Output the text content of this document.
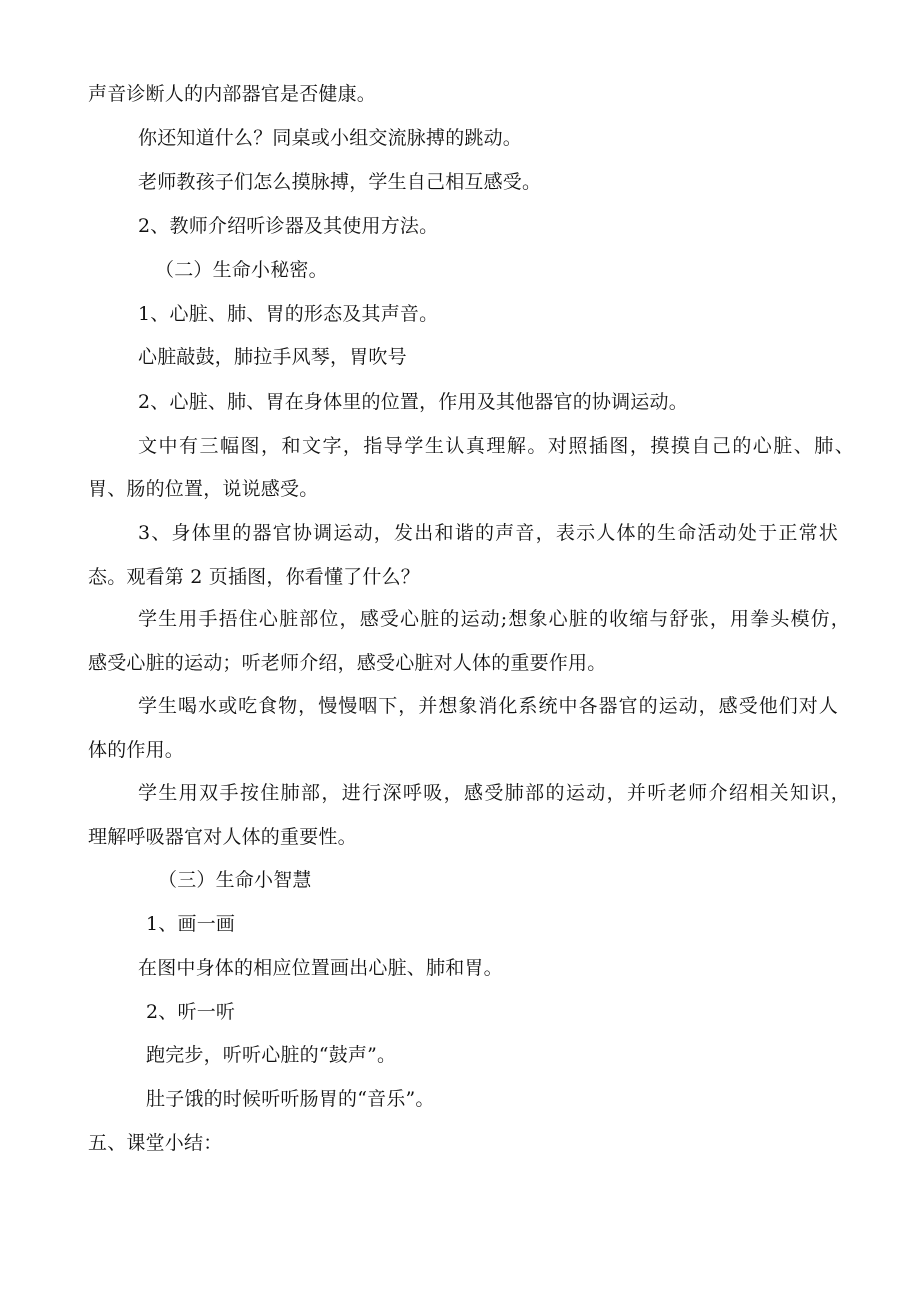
声音诊断人的内部器官是否健康。
你还知道什么？同桌或小组交流脉搏的跳动。
老师教孩子们怎么摸脉搏，学生自己相互感受。
2、教师介绍听诊器及其使用方法。
（二）生命小秘密。
1、心脏、肺、胃的形态及其声音。
心脏敲鼓，肺拉手风琴，胃吹号
2、心脏、肺、胃在身体里的位置，作用及其他器官的协调运动。
文中有三幅图，和文字，指导学生认真理解。对照插图，摸摸自己的心脏、肺、
胃、肠的位置，说说感受。
3、身体里的器官协调运动，发出和谐的声音，表示人体的生命活动处于正常状
态。观看第 2 页插图，你看懂了什么？
学生用手捂住心脏部位，感受心脏的运动;想象心脏的收缩与舒张，用拳头模仿，
感受心脏的运动；听老师介绍，感受心脏对人体的重要作用。
学生喝水或吃食物，慢慢咽下，并想象消化系统中各器官的运动，感受他们对人
体的作用。
学生用双手按住肺部，进行深呼吸，感受肺部的运动，并听老师介绍相关知识，
理解呼吸器官对人体的重要性。
（三）生命小智慧
1、画一画
在图中身体的相应位置画出心脏、肺和胃。
2、听一听
跑完步，听听心脏的“鼓声”。
肚子饿的时候听听肠胃的“音乐”。
五、课堂小结：
